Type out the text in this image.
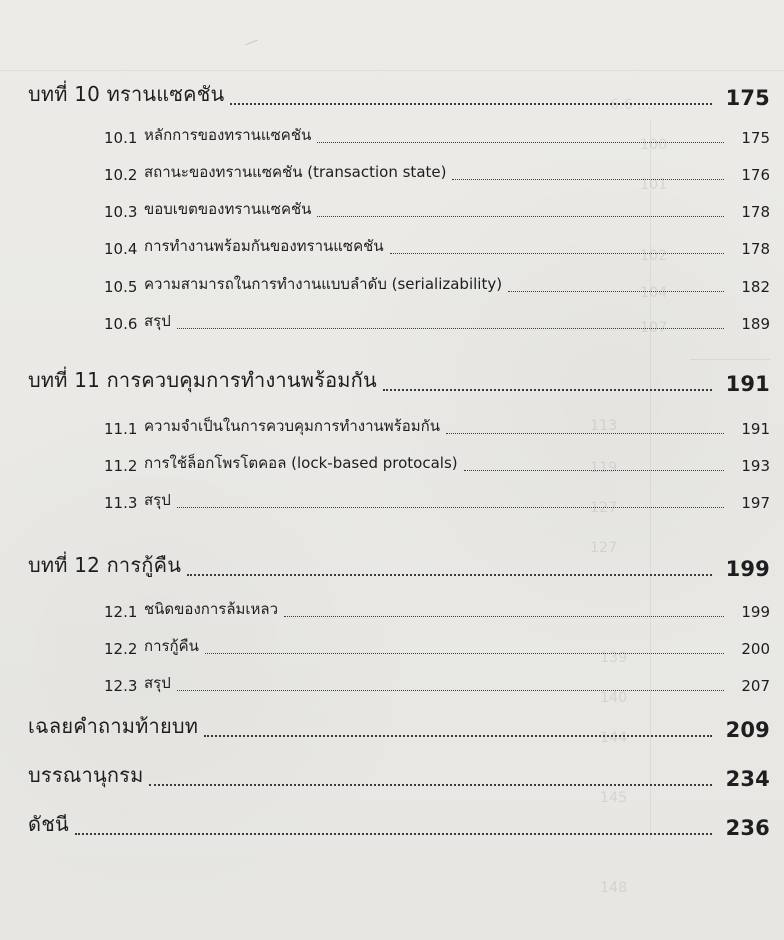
6.6 ....
100
101
102
104
107
113
119
127
127
139
140
144
145
148
บทที่ 10 ทรานแซคชัน	175
10.1 หลักการของทรานแซคชัน	175
10.2 สถานะของทรานแซคชัน (transaction state)	176
10.3 ขอบเขตของทรานแซคชัน	178
10.4 การทำงานพร้อมกันของทรานแซคชัน	178
10.5 ความสามารถในการทำงานแบบลำดับ (serializability)	182
10.6 สรุป	189
บทที่ 11 การควบคุมการทำงานพร้อมกัน	191
11.1 ความจำเป็นในการควบคุมการทำงานพร้อมกัน	191
11.2 การใช้ล็อกโพรโตคอล (lock-based protocals)	193
11.3 สรุป	197
บทที่ 12 การกู้คืน	199
12.1 ชนิดของการล้มเหลว	199
12.2 การกู้คืน	200
12.3 สรุป	207
เฉลยคำถามท้ายบท	209
บรรณานุกรม	234
ดัชนี	236
